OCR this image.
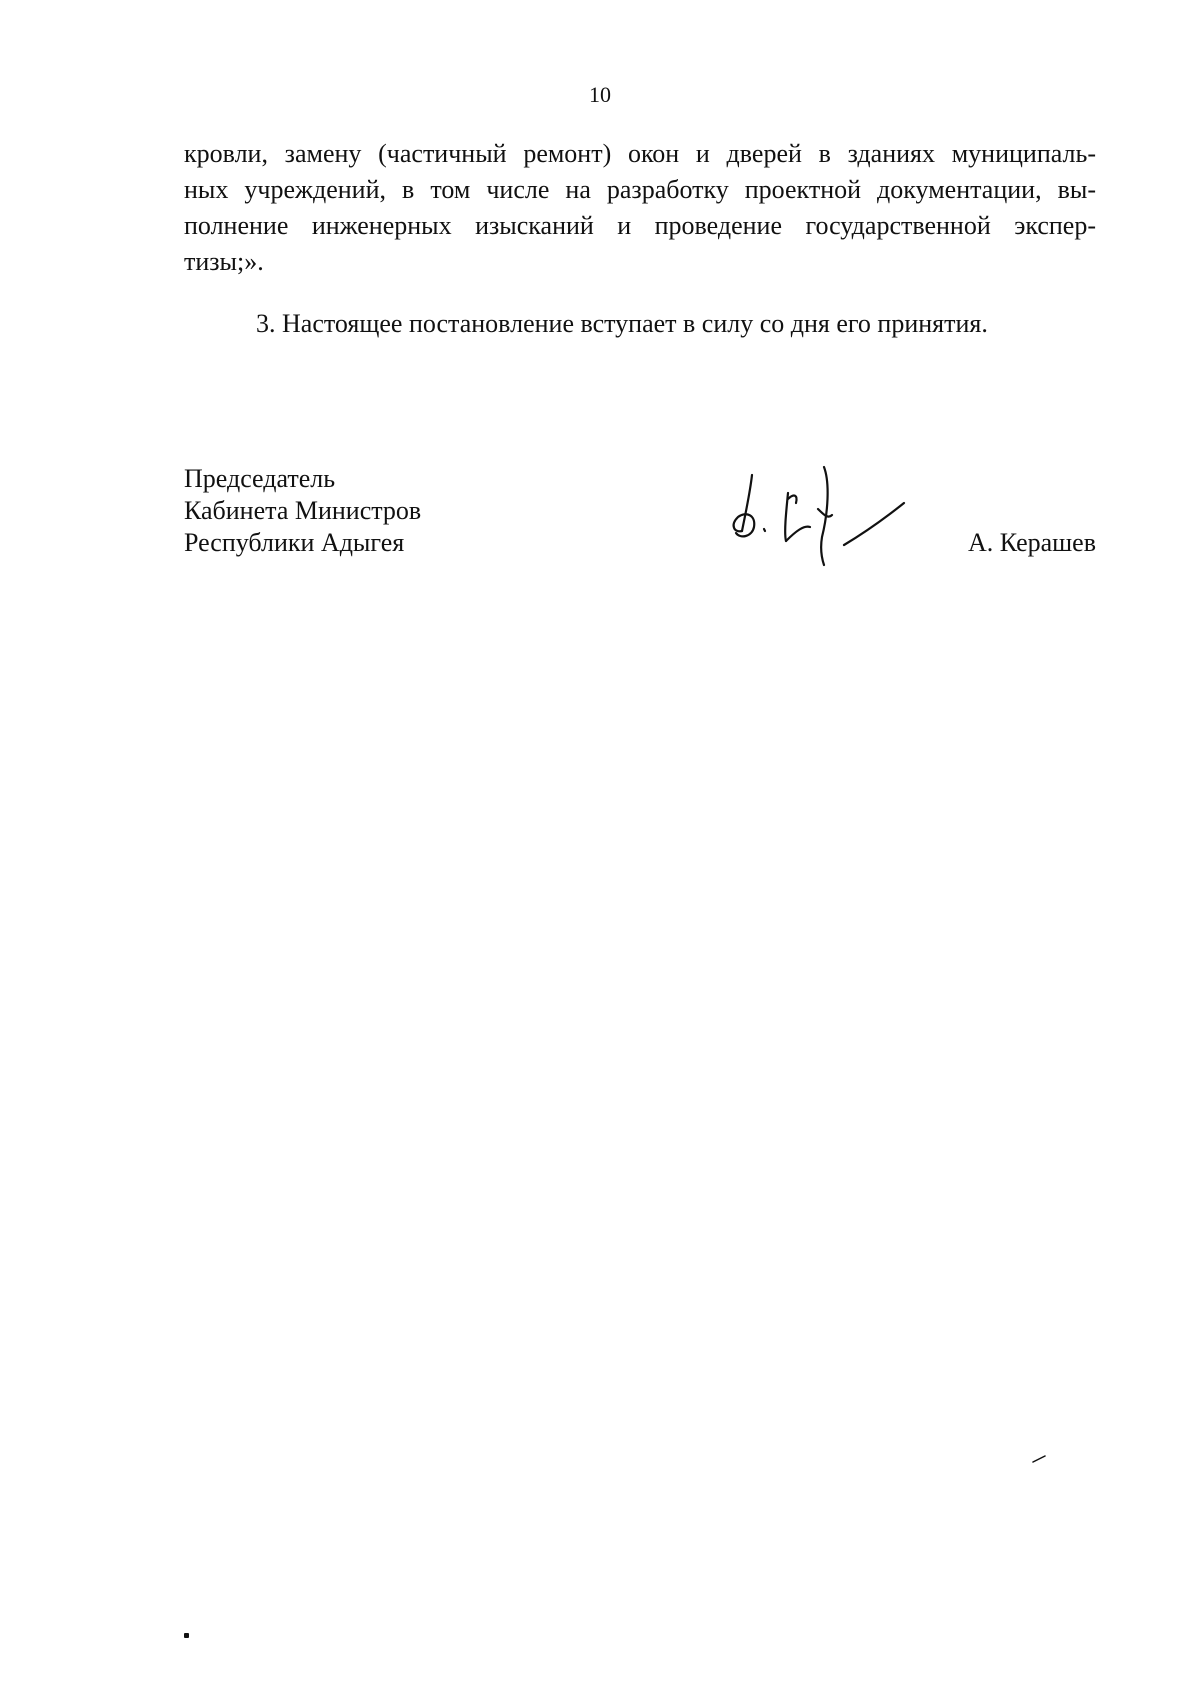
10

кровли, замену (частичный ремонт) окон и дверей в зданиях муниципаль-
ных учреждений, в том числе на разработку проектной документации, вы-
полнение инженерных изысканий и проведение государственной экспер-
тизы;».

3. Настоящее постановление вступает в силу со дня его принятия.

Председатель
Кабинета Министров
Республики Адыгея	А. Керашев
